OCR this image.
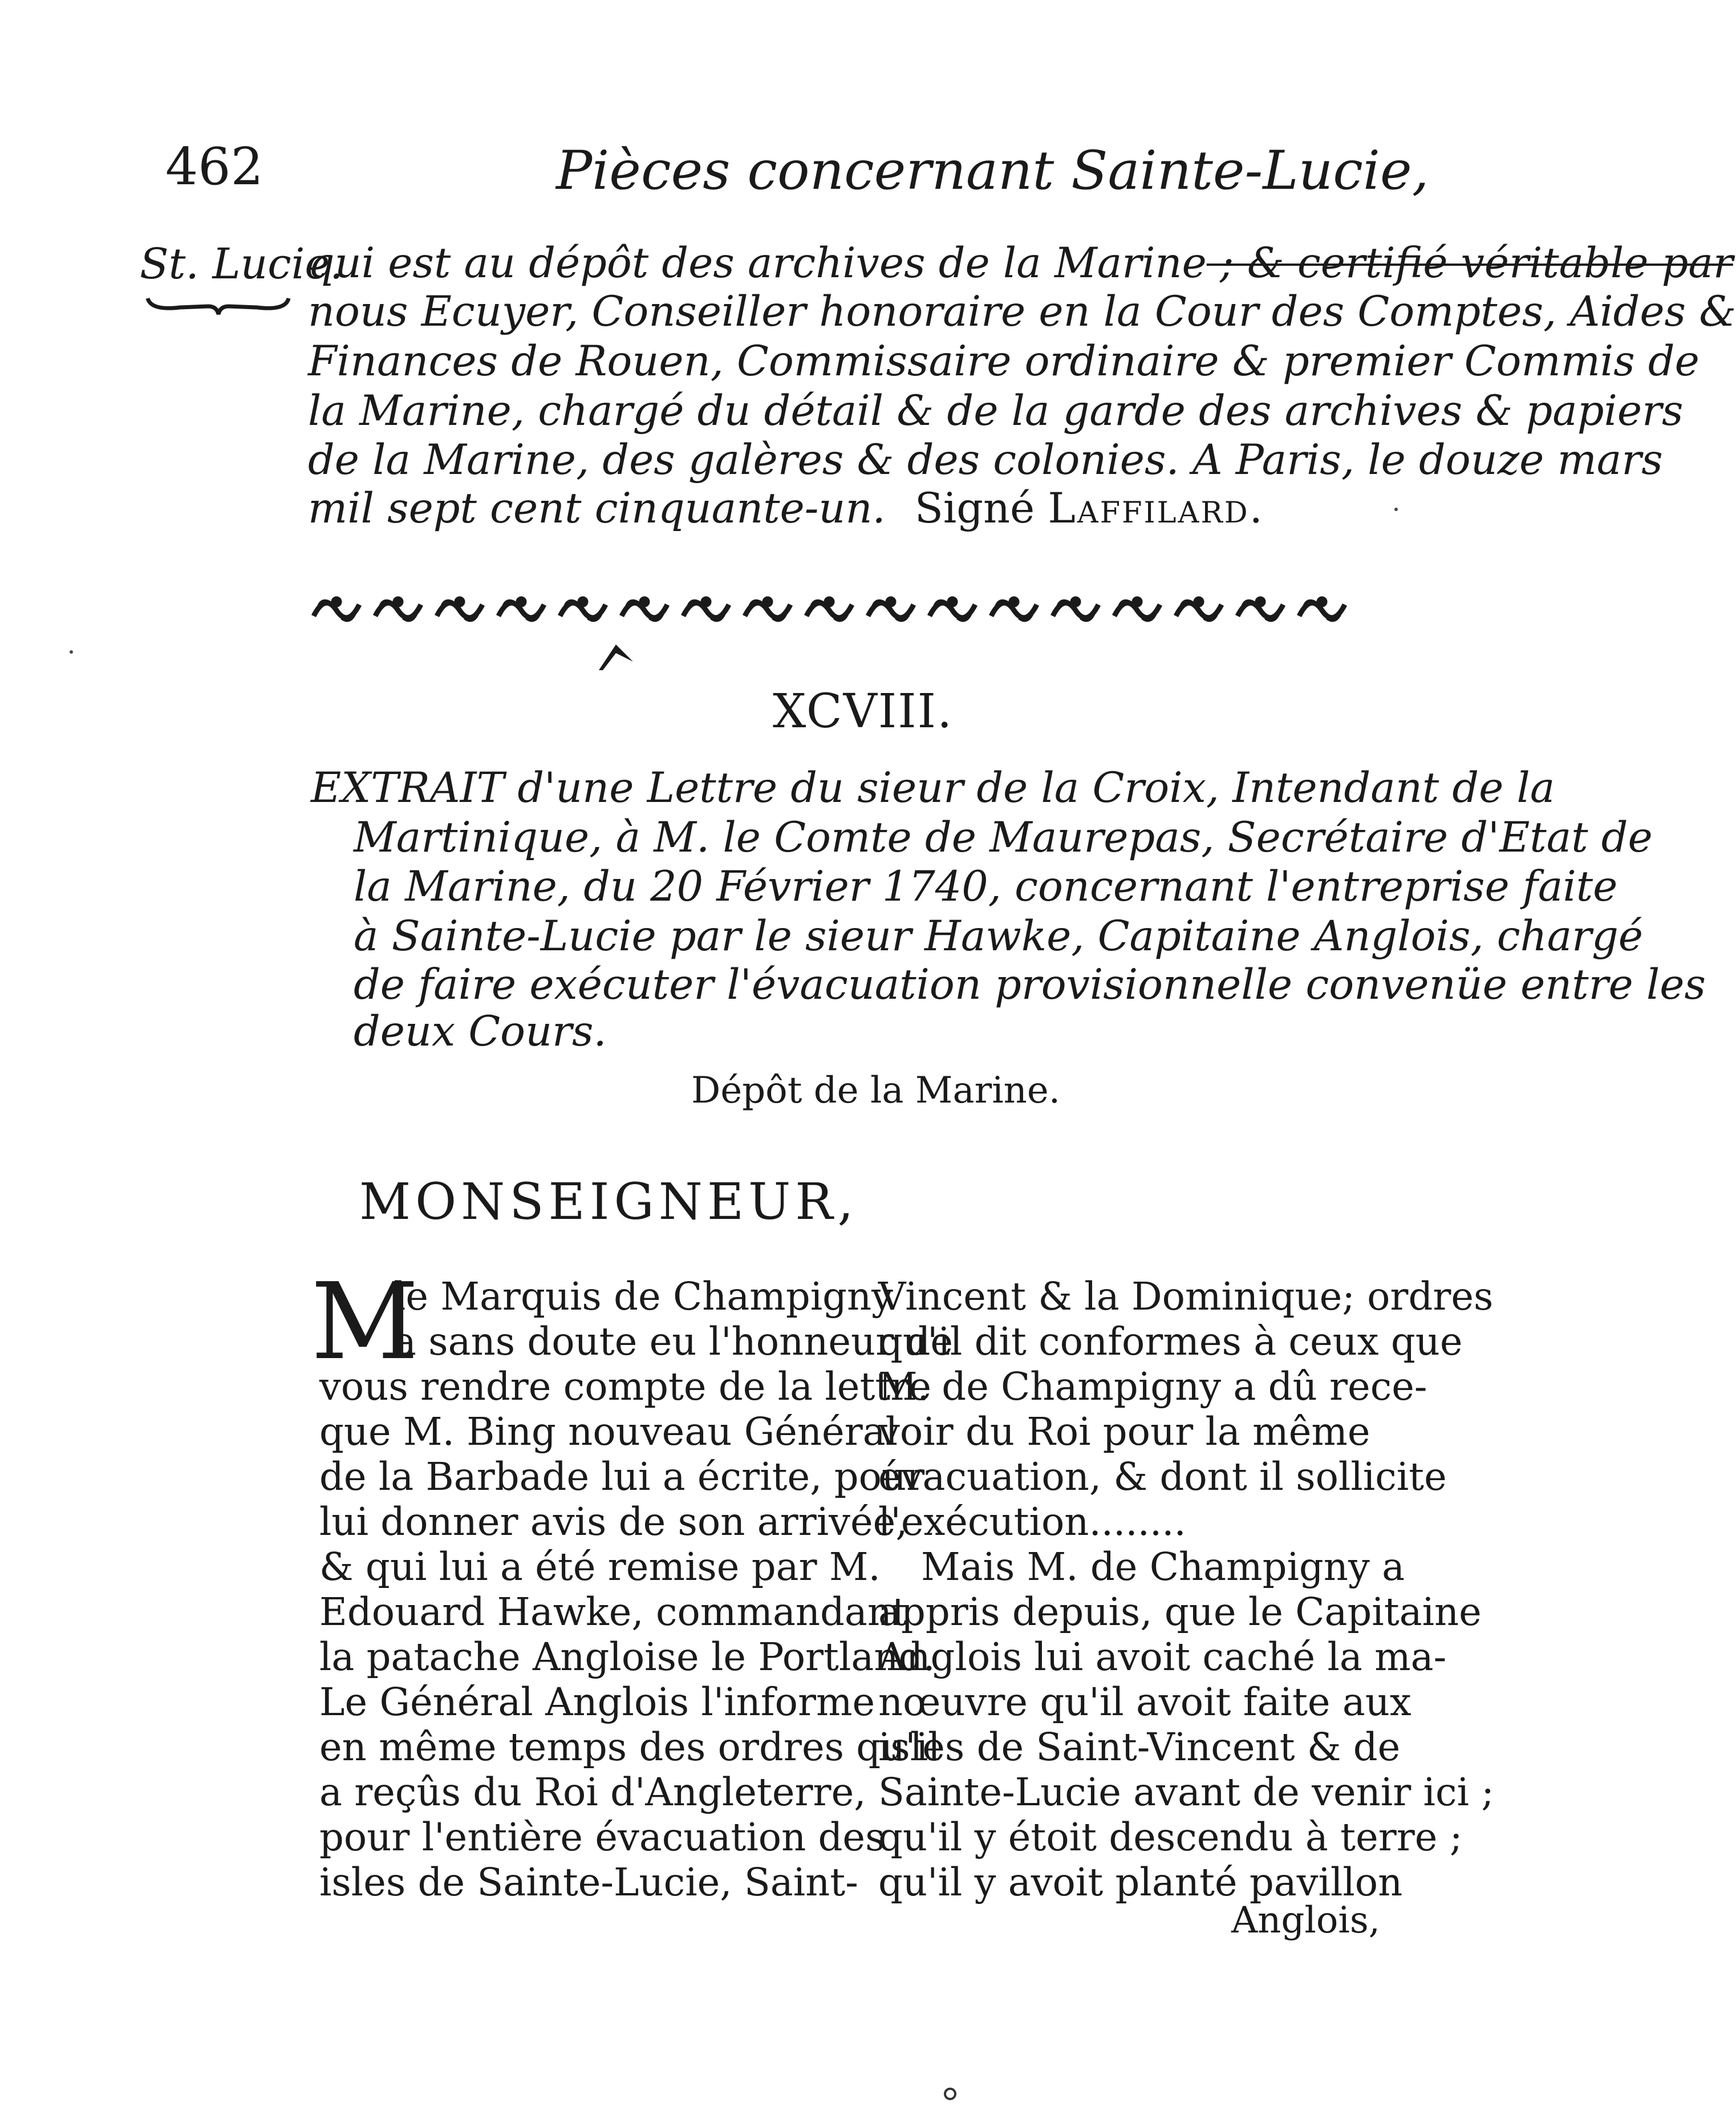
462	Pièces concernant Sainte-Lucie,
St. Lucie.
qui est au dépôt des archives de la Marine ; & certifié véritable par
nous Ecuyer, Conseiller honoraire en la Cour des Comptes, Aides &
Finances de Rouen, Commissaire ordinaire & premier Commis de
la Marine, chargé du détail & de la garde des archives & papiers
de la Marine, des galères & des colonies. A Paris, le douze mars
mil sept cent cinquante-un. Signé Laffilard.
XCVIII.
EXTRAIT d'une Lettre du sieur de la Croix, Intendant de la
Martinique, à M. le Comte de Maurepas, Secrétaire d'Etat de
la Marine, du 20 Février 1740, concernant l'entreprise faite
à Sainte-Lucie par le sieur Hawke, Capitaine Anglois, chargé
de faire exécuter l'évacuation provisionnelle convenüe entre les
deux Cours.
Dépôt de la Marine.
MONSEIGNEUR,
M
le Marquis de Champigny
a sans doute eu l'honneur de
vous rendre compte de la lettre
que M. Bing nouveau Général
de la Barbade lui a écrite, pour
lui donner avis de son arrivée,
& qui lui a été remise par M.
Edouard Hawke, commandant
la patache Angloise le Portland.
Le Général Anglois l'informe
en même temps des ordres qu'il
a reçûs du Roi d'Angleterre,
pour l'entière évacuation des
isles de Sainte-Lucie, Saint-
Vincent & la Dominique; ordres
qu'il dit conformes à ceux que
M. de Champigny a dû rece-
voir du Roi pour la même
évacuation, & dont il sollicite
l'exécution........
Mais M. de Champigny a
appris depuis, que le Capitaine
Anglois lui avoit caché la ma-
nœuvre qu'il avoit faite aux
isles de Saint-Vincent & de
Sainte-Lucie avant de venir ici ;
qu'il y étoit descendu à terre ;
qu'il y avoit planté pavillon
Anglois,
